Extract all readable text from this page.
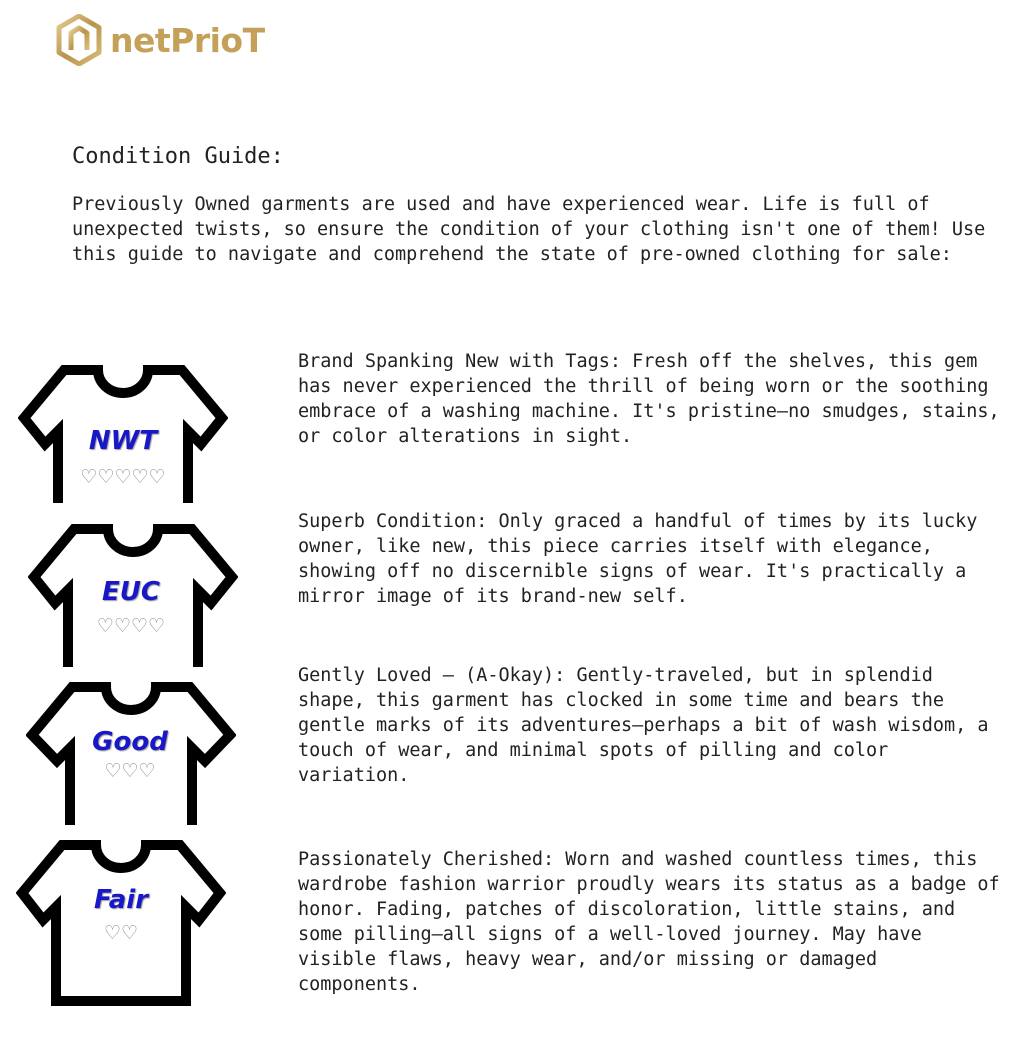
netPrioT
Condition Guide:

Previously Owned garments are used and have experienced wear. Life is full of unexpected twists, so ensure the condition of your clothing isn't one of them! Use this guide to navigate and comprehend the state of pre-owned clothing for sale:

NWT
♡♡♡♡♡

Brand Spanking New with Tags: Fresh off the shelves, this gem has never experienced the thrill of being worn or the soothing embrace of a washing machine. It's pristine—no smudges, stains, or color alterations in sight.

EUC
♡♡♡♡

Superb Condition: Only graced a handful of times by its lucky owner, like new, this piece carries itself with elegance, showing off no discernible signs of wear. It's practically a mirror image of its brand-new self.

Good
♡♡♡

Gently Loved – (A-Okay): Gently-traveled, but in splendid shape, this garment has clocked in some time and bears the gentle marks of its adventures—perhaps a bit of wash wisdom, a touch of wear, and minimal spots of pilling and color variation.

Fair
♡♡

Passionately Cherished: Worn and washed countless times, this wardrobe fashion warrior proudly wears its status as a badge of honor. Fading, patches of discoloration, little stains, and some pilling—all signs of a well-loved journey. May have visible flaws, heavy wear, and/or missing or damaged components.
